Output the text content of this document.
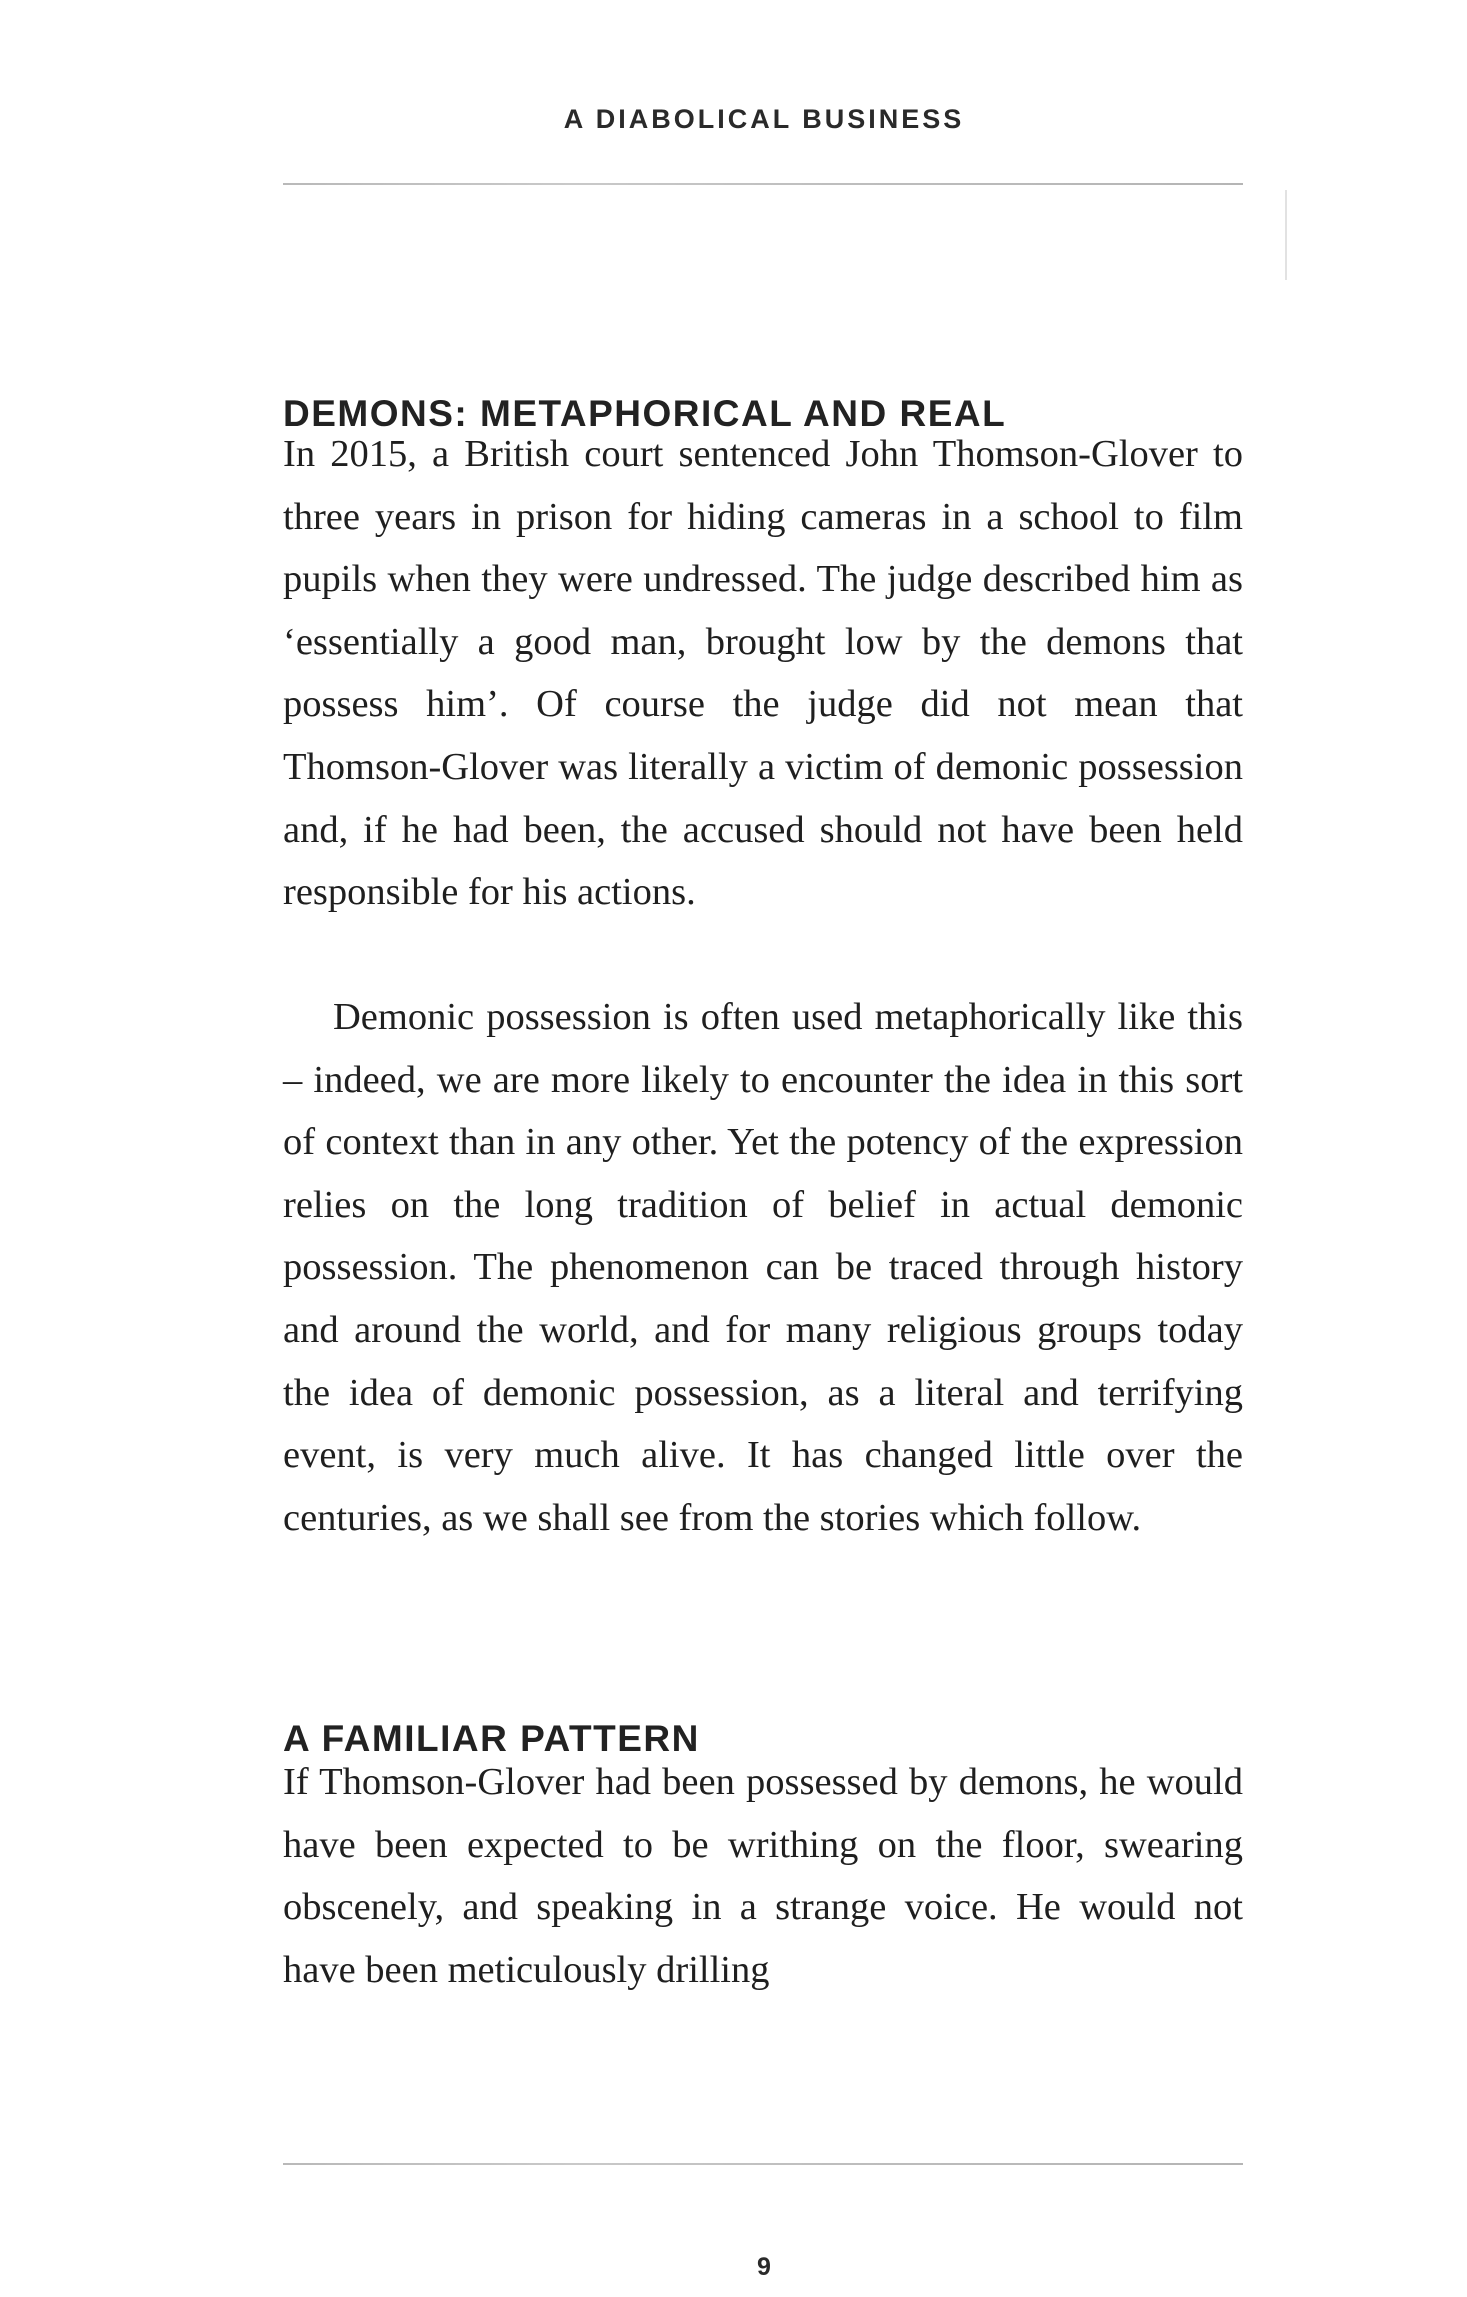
A DIABOLICAL BUSINESS
DEMONS: METAPHORICAL AND REAL

In 2015, a British court sentenced John Thomson-Glover to three years in prison for hiding cameras in a school to film pupils when they were undressed. The judge described him as ‘essentially a good man, brought low by the demons that possess him’. Of course the judge did not mean that Thomson-Glover was literally a victim of demonic possession and, if he had been, the accused should not have been held responsible for his actions.

Demonic possession is often used metaphorically like this – indeed, we are more likely to encounter the idea in this sort of context than in any other. Yet the potency of the expression relies on the long tradition of belief in actual demonic possession. The phenomenon can be traced through history and around the world, and for many religious groups today the idea of demonic possession, as a literal and terrifying event, is very much alive. It has changed little over the centuries, as we shall see from the stories which follow.

A FAMILIAR PATTERN

If Thomson-Glover had been possessed by demons, he would have been expected to be writhing on the floor, swearing obscenely, and speaking in a strange voice. He would not have been meticulously drilling

9
